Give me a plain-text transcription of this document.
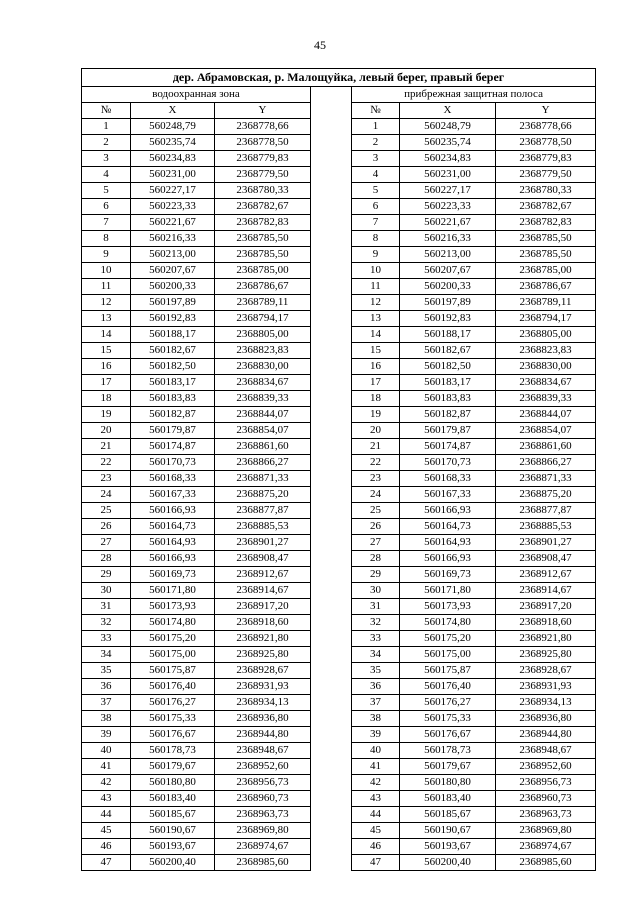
45
дер. Абрамовская, р. Малощуйка, левый берег, правый берег						
водоохранная зона				прибрежная защитная полоса		
№	X	Y		№	X	Y
1	560248,79	2368778,66		1	560248,79	2368778,66
2	560235,74	2368778,50		2	560235,74	2368778,50
3	560234,83	2368779,83		3	560234,83	2368779,83
4	560231,00	2368779,50		4	560231,00	2368779,50
5	560227,17	2368780,33		5	560227,17	2368780,33
6	560223,33	2368782,67		6	560223,33	2368782,67
7	560221,67	2368782,83		7	560221,67	2368782,83
8	560216,33	2368785,50		8	560216,33	2368785,50
9	560213,00	2368785,50		9	560213,00	2368785,50
10	560207,67	2368785,00		10	560207,67	2368785,00
11	560200,33	2368786,67		11	560200,33	2368786,67
12	560197,89	2368789,11		12	560197,89	2368789,11
13	560192,83	2368794,17		13	560192,83	2368794,17
14	560188,17	2368805,00		14	560188,17	2368805,00
15	560182,67	2368823,83		15	560182,67	2368823,83
16	560182,50	2368830,00		16	560182,50	2368830,00
17	560183,17	2368834,67		17	560183,17	2368834,67
18	560183,83	2368839,33		18	560183,83	2368839,33
19	560182,87	2368844,07		19	560182,87	2368844,07
20	560179,87	2368854,07		20	560179,87	2368854,07
21	560174,87	2368861,60		21	560174,87	2368861,60
22	560170,73	2368866,27		22	560170,73	2368866,27
23	560168,33	2368871,33		23	560168,33	2368871,33
24	560167,33	2368875,20		24	560167,33	2368875,20
25	560166,93	2368877,87		25	560166,93	2368877,87
26	560164,73	2368885,53		26	560164,73	2368885,53
27	560164,93	2368901,27		27	560164,93	2368901,27
28	560166,93	2368908,47		28	560166,93	2368908,47
29	560169,73	2368912,67		29	560169,73	2368912,67
30	560171,80	2368914,67		30	560171,80	2368914,67
31	560173,93	2368917,20		31	560173,93	2368917,20
32	560174,80	2368918,60		32	560174,80	2368918,60
33	560175,20	2368921,80		33	560175,20	2368921,80
34	560175,00	2368925,80		34	560175,00	2368925,80
35	560175,87	2368928,67		35	560175,87	2368928,67
36	560176,40	2368931,93		36	560176,40	2368931,93
37	560176,27	2368934,13		37	560176,27	2368934,13
38	560175,33	2368936,80		38	560175,33	2368936,80
39	560176,67	2368944,80		39	560176,67	2368944,80
40	560178,73	2368948,67		40	560178,73	2368948,67
41	560179,67	2368952,60		41	560179,67	2368952,60
42	560180,80	2368956,73		42	560180,80	2368956,73
43	560183,40	2368960,73		43	560183,40	2368960,73
44	560185,67	2368963,73		44	560185,67	2368963,73
45	560190,67	2368969,80		45	560190,67	2368969,80
46	560193,67	2368974,67		46	560193,67	2368974,67
47	560200,40	2368985,60		47	560200,40	2368985,60
